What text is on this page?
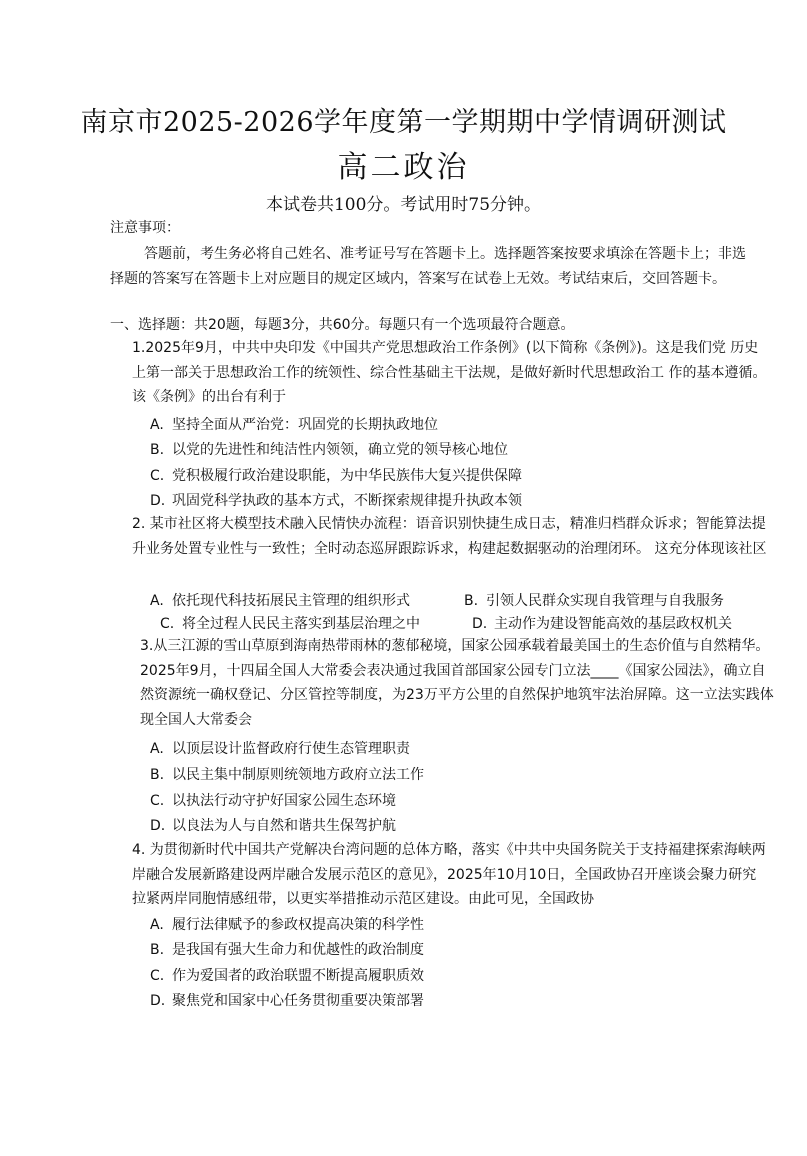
南京市2025-2026学年度第一学期期中学情调研测试
高二政治
本试卷共100分。考试用时75分钟。
注意事项：
答题前，考生务必将自己姓名、准考证号写在答题卡上。选择题答案按要求填涂在答题卡上；非选 择题的答案写在答题卡上对应题目的规定区域内，答案写在试卷上无效。考试结束后，交回答题卡。
一、选择题：共20题，每题3分，共60分。每题只有一个选项最符合题意。
1.2025年9月，中共中央印发《中国共产党思想政治工作条例》(以下简称《条例》)。这是我们党 历史上第一部关于思想政治工作的统领性、综合性基础主干法规，是做好新时代思想政治工 作的基本遵循。该《条例》的出台有利于
A. 坚持全面从严治党：巩固党的长期执政地位
B. 以党的先进性和纯洁性内领领，确立党的领导核心地位
C. 党积极履行政治建设职能，为中华民族伟大复兴提供保障
D. 巩固党科学执政的基本方式，不断探索规律提升执政本领
2. 某市社区将大模型技术融入民情快办流程：语音识别快捷生成日志，精准归档群众诉求；智能算法提升业务处置专业性与一致性；全时动态巡屏跟踪诉求，构建起数据驱动的治理闭环。 这充分体现该社区
A. 依托现代科技拓展民主管理的组织形式	B. 引领人民群众实现自我管理与自我服务
C. 将全过程人民民主落实到基层治理之中	D. 主动作为建设智能高效的基层政权机关
3.从三江源的雪山草原到海南热带雨林的葱郁秘境，国家公园承载着最美国土的生态价值与自然精华。2025年9月，十四届全国人大常委会表决通过我国首部国家公园专门立法____《国家公园法》，确立自然资源统一确权登记、分区管控等制度，为23万平方公里的自然保护地筑牢法治屏障。这一立法实践体现全国人大常委会
A. 以顶层设计监督政府行使生态管理职责
B. 以民主集中制原则统领地方政府立法工作
C. 以执法行动守护好国家公园生态环境
D. 以良法为人与自然和谐共生保驾护航
4. 为贯彻新时代中国共产党解决台湾问题的总体方略，落实《中共中央国务院关于支持福建探索海峡两岸融合发展新路建设两岸融合发展示范区的意见》，2025年10月10日，全国政协召开座谈会聚力研究拉紧两岸同胞情感纽带，以更实举措推动示范区建设。由此可见，全国政协
A. 履行法律赋予的参政权提高决策的科学性
B. 是我国有强大生命力和优越性的政治制度
C. 作为爱国者的政治联盟不断提高履职质效
D. 聚焦党和国家中心任务贯彻重要决策部署
